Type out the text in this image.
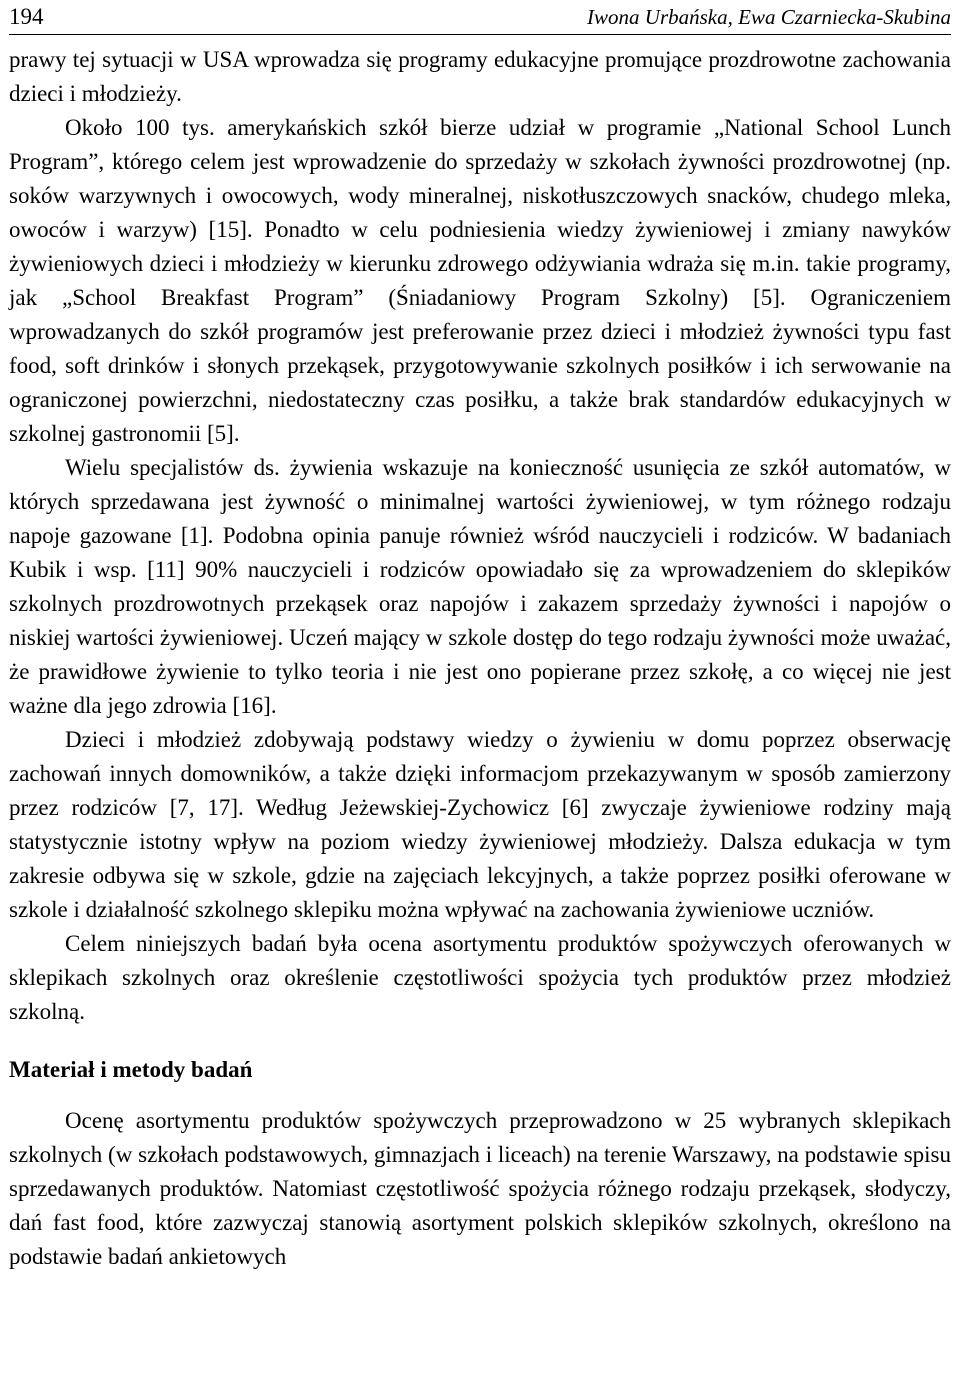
194	Iwona Urbańska, Ewa Czarniecka-Skubina

prawy tej sytuacji w USA wprowadza się programy edukacyjne promujące prozdrowotne zachowania dzieci i młodzieży.

Około 100 tys. amerykańskich szkół bierze udział w programie „National School Lunch Program”, którego celem jest wprowadzenie do sprzedaży w szkołach żywności prozdrowotnej (np. soków warzywnych i owocowych, wody mineralnej, niskotłuszczowych snacków, chudego mleka, owoców i warzyw) [15]. Ponadto w celu podniesienia wiedzy żywieniowej i zmiany nawyków żywieniowych dzieci i młodzieży w kierunku zdrowego odżywiania wdraża się m.in. takie programy, jak „School Breakfast Program” (Śniadaniowy Program Szkolny) [5]. Ograniczeniem wprowadzanych do szkół programów jest preferowanie przez dzieci i młodzież żywności typu fast food, soft drinków i słonych przekąsek, przygotowywanie szkolnych posiłków i ich serwowanie na ograniczonej powierzchni, niedostateczny czas posiłku, a także brak standardów edukacyjnych w szkolnej gastronomii [5].

Wielu specjalistów ds. żywienia wskazuje na konieczność usunięcia ze szkół automatów, w których sprzedawana jest żywność o minimalnej wartości żywieniowej, w tym różnego rodzaju napoje gazowane [1]. Podobna opinia panuje również wśród nauczycieli i rodziców. W badaniach Kubik i wsp. [11] 90% nauczycieli i rodziców opowiadało się za wprowadzeniem do sklepików szkolnych prozdrowotnych przekąsek oraz napojów i zakazem sprzedaży żywności i napojów o niskiej wartości żywieniowej. Uczeń mający w szkole dostęp do tego rodzaju żywności może uważać, że prawidłowe żywienie to tylko teoria i nie jest ono popierane przez szkołę, a co więcej nie jest ważne dla jego zdrowia [16].

Dzieci i młodzież zdobywają podstawy wiedzy o żywieniu w domu poprzez obserwację zachowań innych domowników, a także dzięki informacjom przekazywanym w sposób zamierzony przez rodziców [7, 17]. Według Jeżewskiej-Zychowicz [6] zwyczaje żywieniowe rodziny mają statystycznie istotny wpływ na poziom wiedzy żywieniowej młodzieży. Dalsza edukacja w tym zakresie odbywa się w szkole, gdzie na zajęciach lekcyjnych, a także poprzez posiłki oferowane w szkole i działalność szkolnego sklepiku można wpływać na zachowania żywieniowe uczniów.

Celem niniejszych badań była ocena asortymentu produktów spożywczych oferowanych w sklepikach szkolnych oraz określenie częstotliwości spożycia tych produktów przez młodzież szkolną.

Materiał i metody badań

Ocenę asortymentu produktów spożywczych przeprowadzono w 25 wybranych sklepikach szkolnych (w szkołach podstawowych, gimnazjach i liceach) na terenie Warszawy, na podstawie spisu sprzedawanych produktów. Natomiast częstotliwość spożycia różnego rodzaju przekąsek, słodyczy, dań fast food, które zazwyczaj stanowią asortyment polskich sklepików szkolnych, określono na podstawie badań ankietowych
